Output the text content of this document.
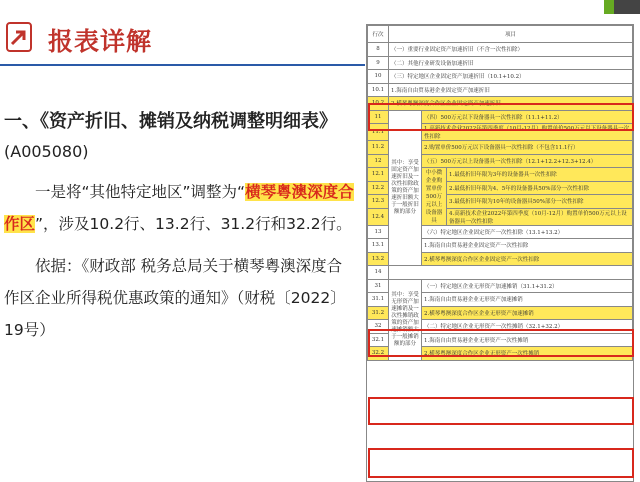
报表详解
一、《资产折旧、摊销及纳税调整明细表》
(A005080)
一是将“其他特定地区”调整为“横琴粤澳深度合作区”，涉及10.2行、13.2行、31.2行和32.2行。
依据：《财政部 税务总局关于横琴粤澳深度合作区企业所得税优惠政策的通知》（财税〔2022〕19号）
行次	项目		
8	（一）重要行业固定资产加速折旧（不含一次性扣除）		
9	（二）其他行业研发设备加速折旧		
10	（三）特定地区企业固定资产加速折旧（10.1+10.2）		
10.1	1.海南自由贸易港企业固定资产加速折旧		
10.2	2.横琴粤澳深度合作区企业固定资产加速折旧		
11	其中：享受固定资产加速折旧及一次性扣除政策的资产加速折旧额大于一般折旧额的部分	（四）500万元以下设备器具一次性扣除（11.1+11.2）	
11.1		1.高新技术企业2022年第四季度（10月-12月）购置单价500万元以下设备器具一次性扣除	
11.2		2.购置单价500万元以下设备器具一次性扣除（不包含11.1行）	
12		（五）500万元以上设备器具一次性扣除（12.1+12.2+12.3+12.4）	
12.1		中小微企业购置单价500万元以上设备器具	1.最低折旧年限为3年的设备器具一次性扣除
12.2			2.最低折旧年限为4、5年的设备器具50%部分一次性扣除
12.3			3.最低折旧年限为10年的设备器具50%部分一次性扣除
12.4			4.高新技术企业2022年第四季度（10月-12月）购置单价500万元以上设备器具一次性扣除
13		（六）特定地区企业固定资产一次性扣除（13.1+13.2）	
13.1		1.海南自由贸易港企业固定资产一次性扣除	
13.2		2.横琴粤澳深度合作区企业固定资产一次性扣除	
14			
31	其中：享受无形资产加速摊销及一次性摊销政策的资产加速摊销额大于一般摊销额的部分	（一）特定地区企业无形资产加速摊销（31.1+31.2）	
31.1		1.海南自由贸易港企业无形资产加速摊销	
31.2		2.横琴粤澳深度合作区企业无形资产加速摊销	
32		（二）特定地区企业无形资产一次性摊销（32.1+32.2）	
32.1		1.海南自由贸易港企业无形资产一次性摊销	
32.2		2.横琴粤澳深度合作区企业无形资产一次性摊销	
